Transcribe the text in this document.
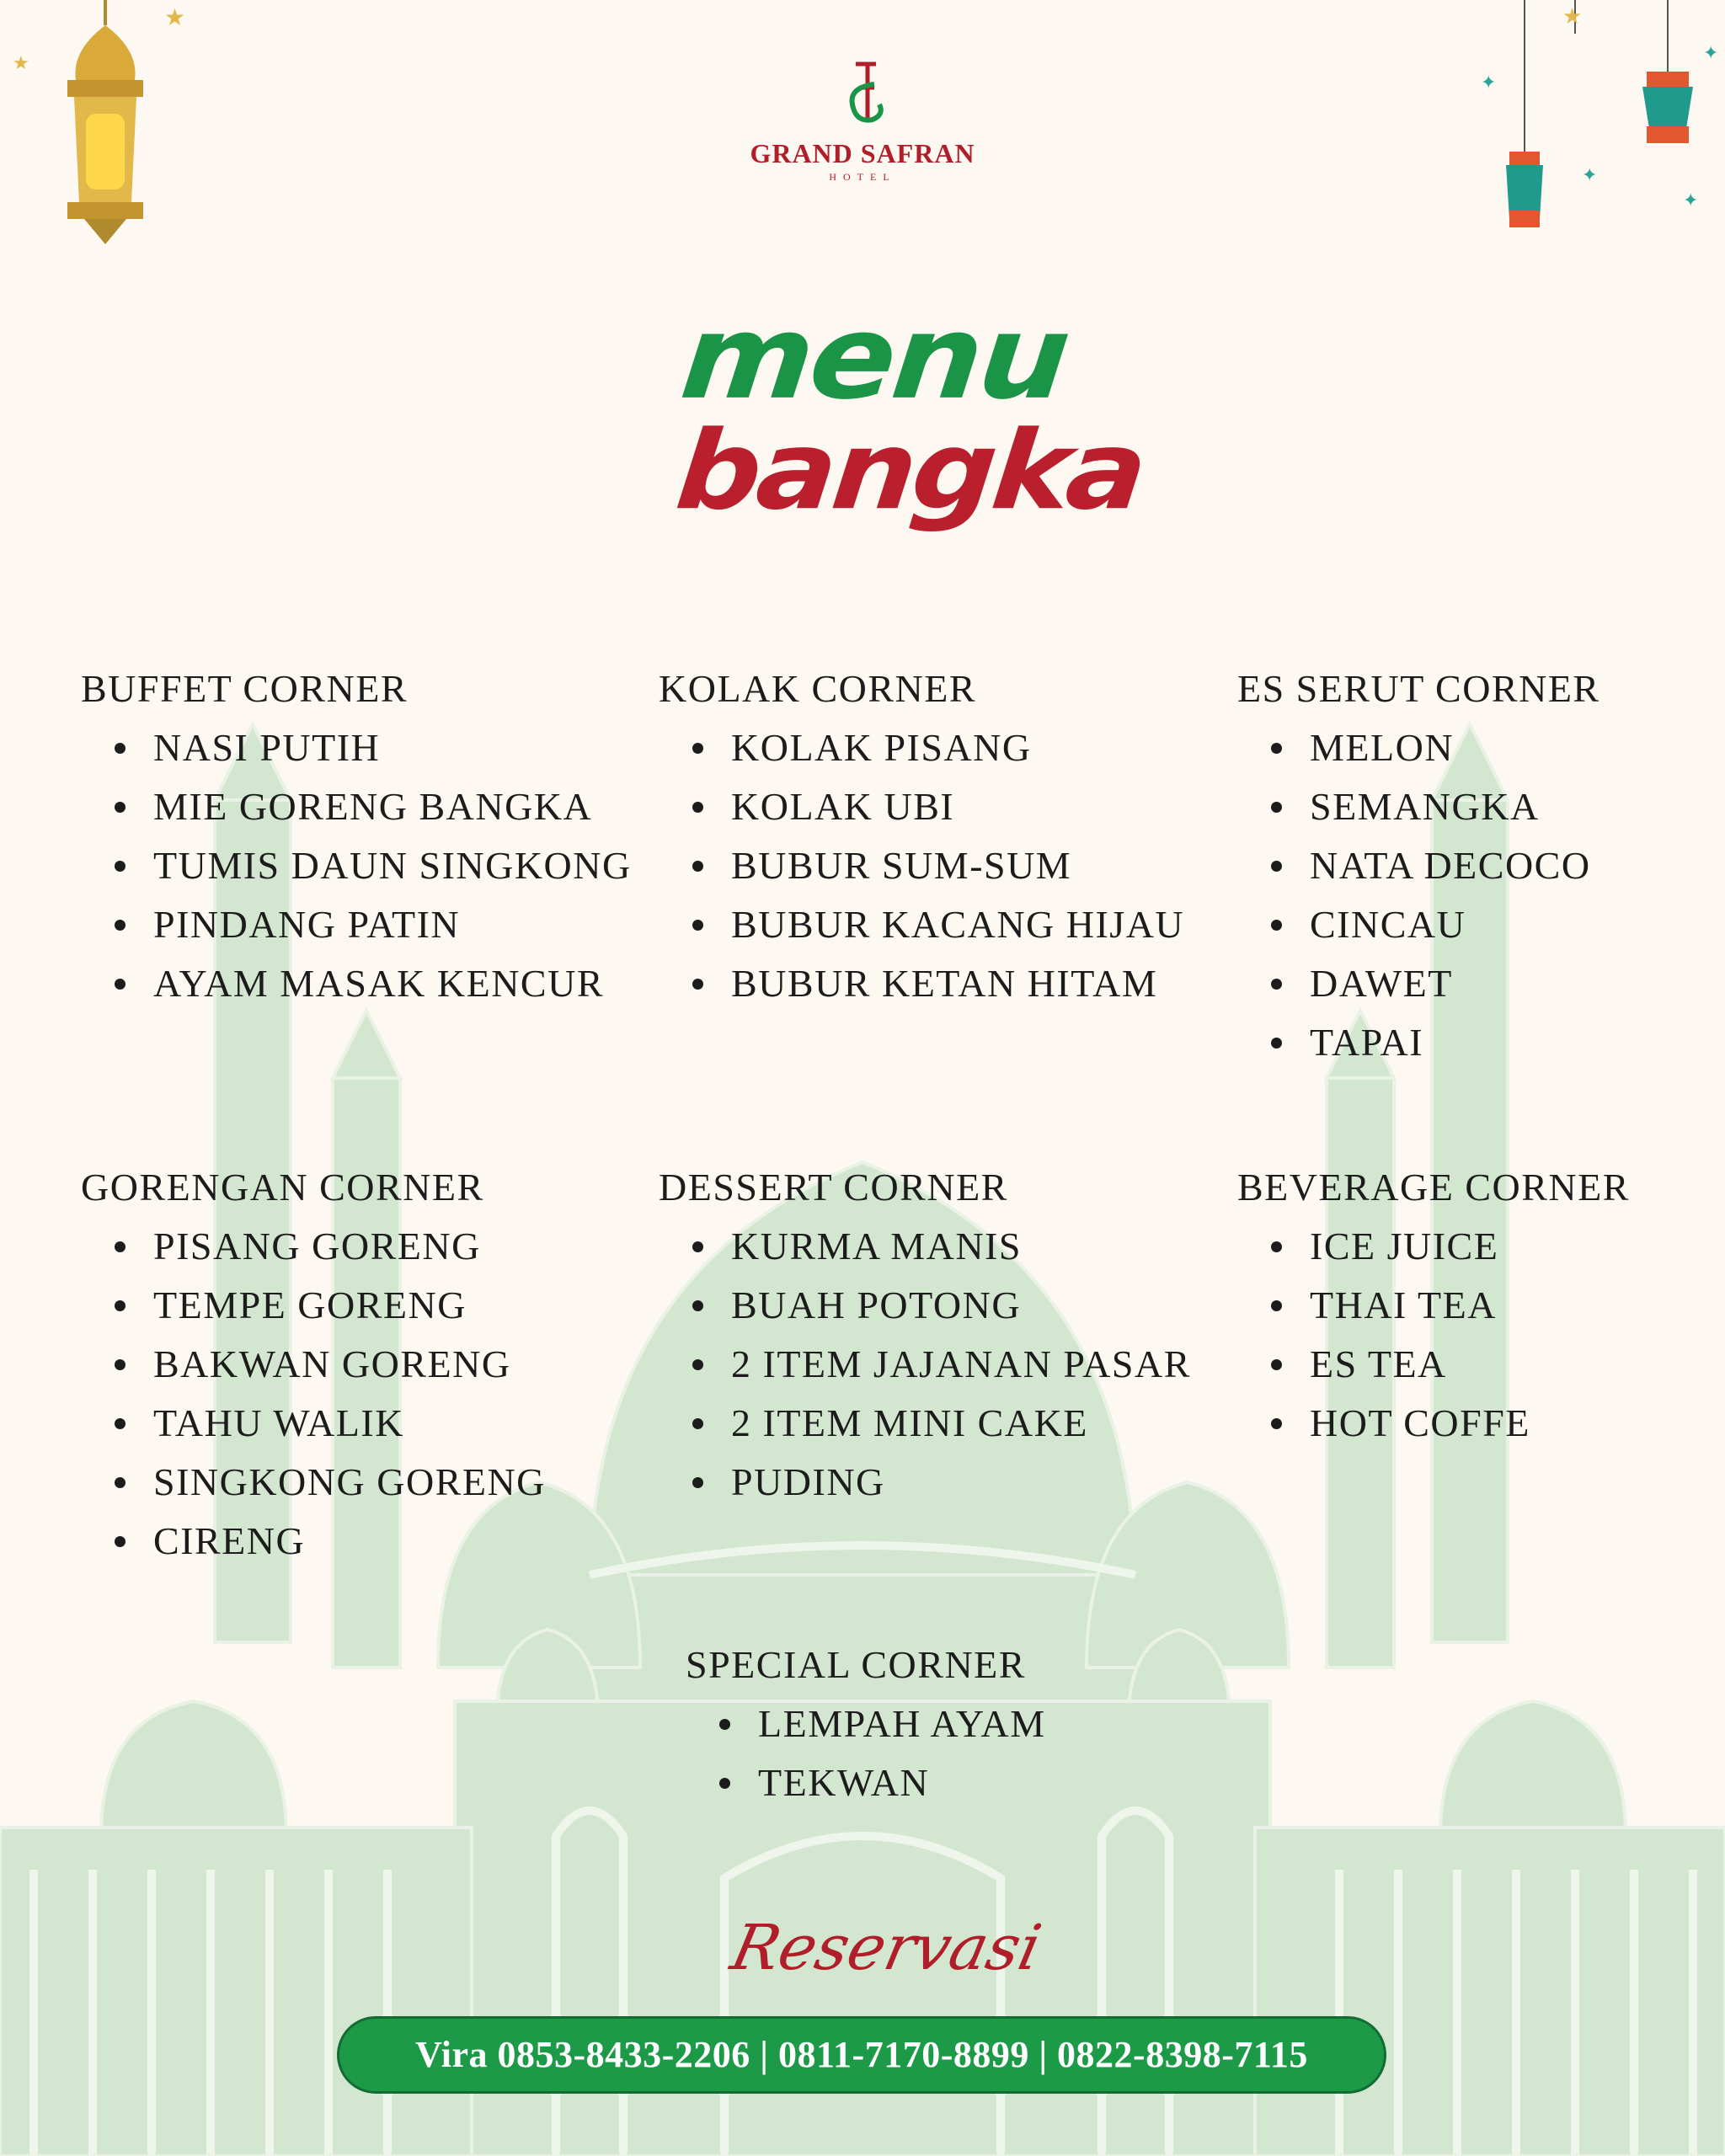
★
★
✦
✦
✦
✦
★
GRAND SAFRAN
HOTEL
menu
bangka
BUFFET CORNER
NASI PUTIH
MIE GORENG BANGKA
TUMIS DAUN SINGKONG
PINDANG PATIN
AYAM MASAK KENCUR
KOLAK CORNER
KOLAK PISANG
KOLAK UBI
BUBUR SUM-SUM
BUBUR KACANG HIJAU
BUBUR KETAN HITAM
ES SERUT CORNER
MELON
SEMANGKA
NATA DECOCO
CINCAU
DAWET
TAPAI
GORENGAN CORNER
PISANG GORENG
TEMPE GORENG
BAKWAN GORENG
TAHU WALIK
SINGKONG GORENG
CIRENG
DESSERT CORNER
KURMA MANIS
BUAH POTONG
2 ITEM JAJANAN PASAR
2 ITEM MINI CAKE
PUDING
BEVERAGE CORNER
ICE JUICE
THAI TEA
ES TEA
HOT COFFE
SPECIAL CORNER
LEMPAH AYAM
TEKWAN
Reservasi
Vira 0853-8433-2206 | 0811-7170-8899 | 0822-8398-7115
